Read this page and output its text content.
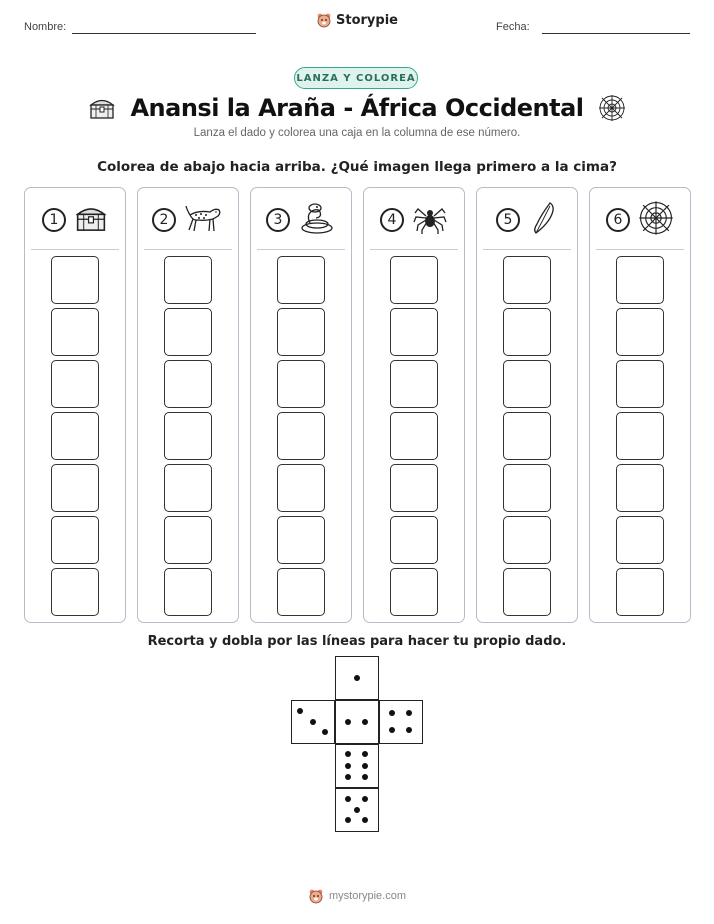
Nombre:	Storypie	Fecha:
LANZA Y COLOREA
Anansi la Araña - África Occidental
Lanza el dado y colorea una caja en la columna de ese número.
Colorea de abajo hacia arriba. ¿Qué imagen llega primero a la cima?
1	2	3	4	5	6
Recorta y dobla por las líneas para hacer tu propio dado.
mystorypie.com
